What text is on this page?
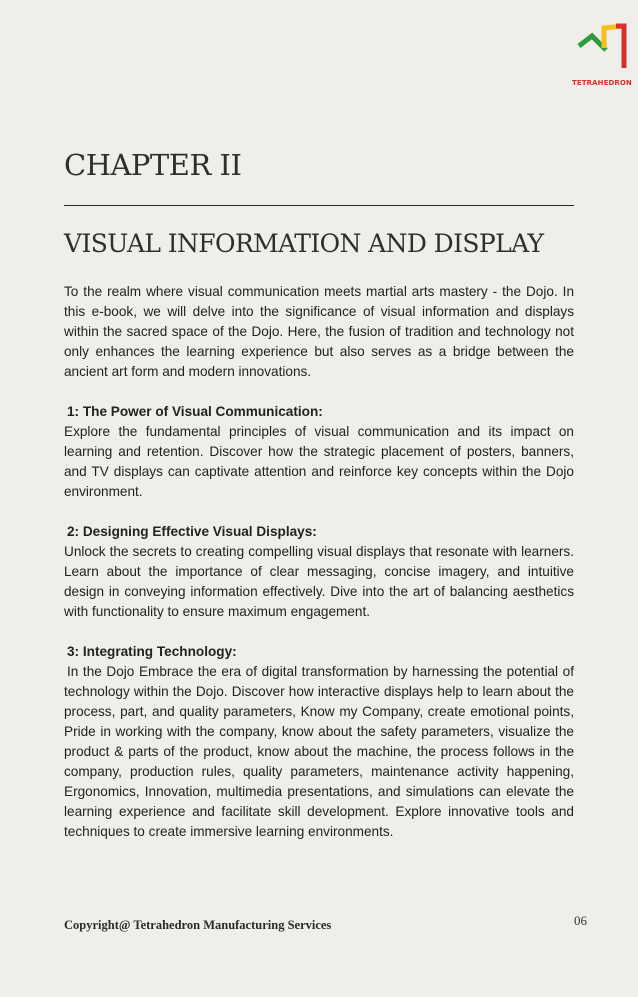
TETRAHEDRON
CHAPTER II
VISUAL INFORMATION AND DISPLAY

To the realm where visual communication meets martial arts mastery - the Dojo. In this e-book, we will delve into the significance of visual information and displays within the sacred space of the Dojo. Here, the fusion of tradition and technology not only enhances the learning experience but also serves as a bridge between the ancient art form and modern innovations.

1: The Power of Visual Communication:

Explore the fundamental principles of visual communication and its impact on learning and retention. Discover how the strategic placement of posters, banners, and TV displays can captivate attention and reinforce key concepts within the Dojo environment.

2: Designing Effective Visual Displays:

Unlock the secrets to creating compelling visual displays that resonate with learners. Learn about the importance of clear messaging, concise imagery, and intuitive design in conveying information effectively. Dive into the art of balancing aesthetics with functionality to ensure maximum engagement.

3: Integrating Technology:

In the Dojo Embrace the era of digital transformation by harnessing the potential of technology within the Dojo. Discover how interactive displays help to learn about the process, part, and quality parameters, Know my Company, create emotional points, Pride in working with the company, know about the safety parameters, visualize the product & parts of the product, know about the machine, the process follows in the company, production rules, quality parameters, maintenance activity happening, Ergonomics, Innovation, multimedia presentations, and simulations can elevate the learning experience and facilitate skill development. Explore innovative tools and techniques to create immersive learning environments.

Copyright@ Tetrahedron Manufacturing Services	06
